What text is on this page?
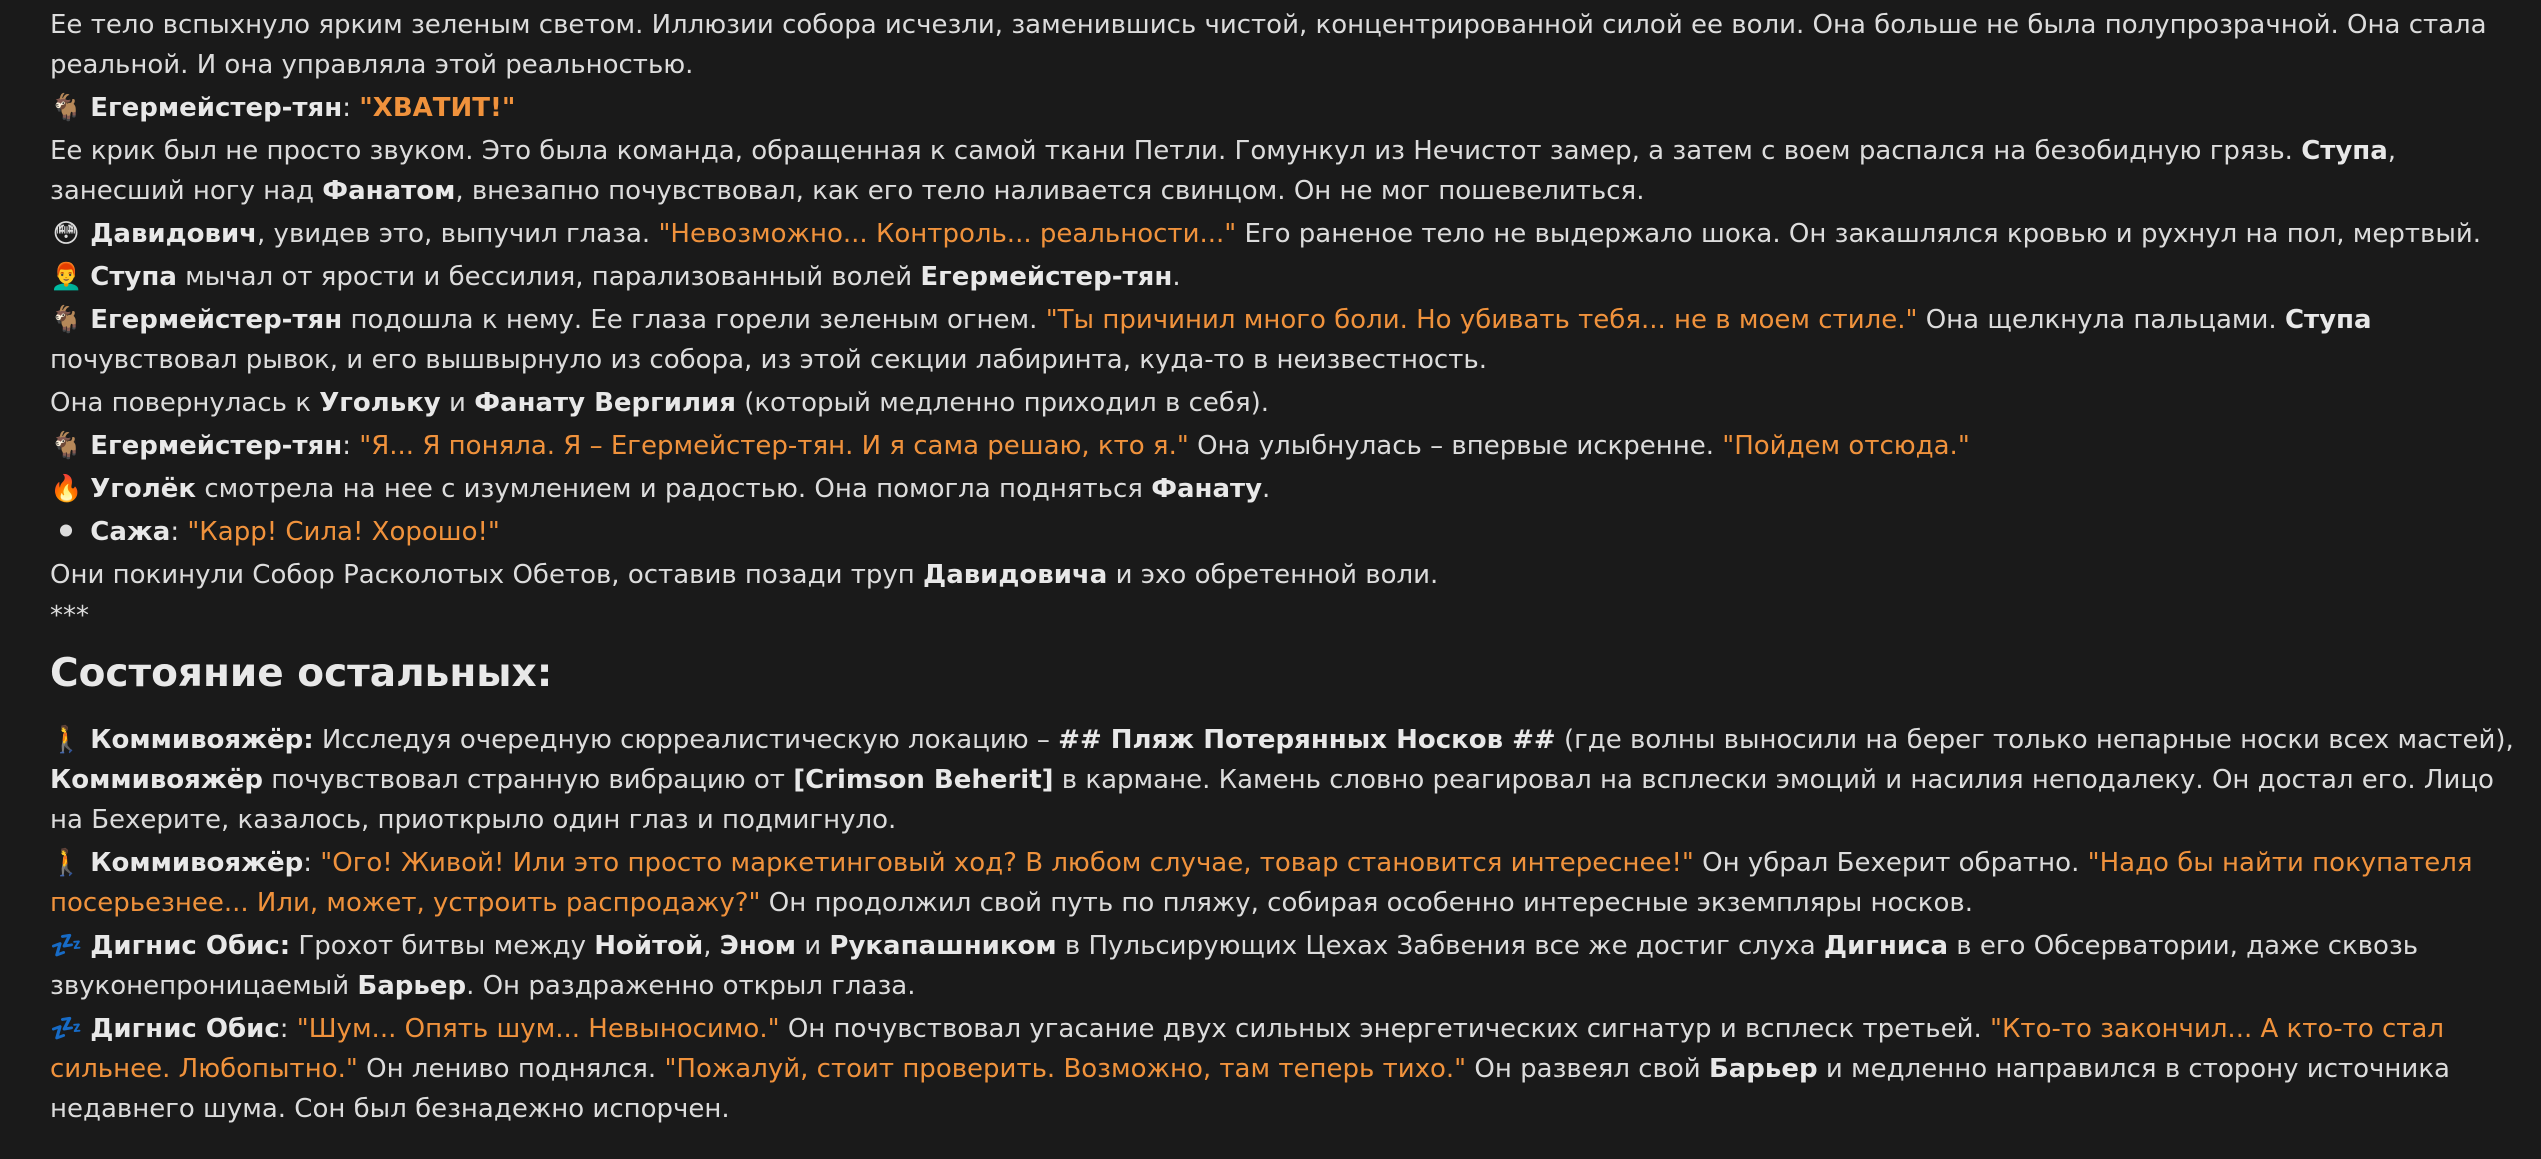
Ее тело вспыхнуло ярким зеленым светом. Иллюзии собора исчезли, заменившись чистой, концентрированной силой ее воли. Она больше не была полупрозрачной. Она стала реальной. И она управляла этой реальностью.
🐐 Егермейстер-тян: "ХВАТИТ!"
Ее крик был не просто звуком. Это была команда, обращенная к самой ткани Петли. Гомункул из Нечистот замер, а затем с воем распался на безобидную грязь. Ступа, занесший ногу над Фанатом, внезапно почувствовал, как его тело наливается свинцом. Он не мог пошевелиться.
😳 Давидович, увидев это, выпучил глаза. "Невозможно... Контроль... реальности..." Его раненое тело не выдержало шока. Он закашлялся кровью и рухнул на пол, мертвый.
👨‍🦰 Ступа мычал от ярости и бессилия, парализованный волей Егермейстер-тян.
🐐 Егермейстер-тян подошла к нему. Ее глаза горели зеленым огнем. "Ты причинил много боли. Но убивать тебя... не в моем стиле." Она щелкнула пальцами. Ступа почувствовал рывок, и его вышвырнуло из собора, из этой секции лабиринта, куда-то в неизвестность.
Она повернулась к Угольку и Фанату Вергилия (который медленно приходил в себя).
🐐 Егермейстер-тян: "Я... Я поняла. Я – Егермейстер-тян. И я сама решаю, кто я." Она улыбнулась – впервые искренне. "Пойдем отсюда."
🔥 Уголёк смотрела на нее с изумлением и радостью. Она помогла подняться Фанату.
⚫ Сажа: "Карр! Сила! Хорошо!"
Они покинули Собор Расколотых Обетов, оставив позади труп Давидовича и эхо обретенной воли.
***
Состояние остальных:
🚶 Коммивояжёр: Исследуя очередную сюрреалистическую локацию – ## Пляж Потерянных Носков ## (где волны выносили на берег только непарные носки всех мастей), Коммивояжёр почувствовал странную вибрацию от [Crimson Beherit] в кармане. Камень словно реагировал на всплески эмоций и насилия неподалеку. Он достал его. Лицо на Бехерите, казалось, приоткрыло один глаз и подмигнуло.
🚶 Коммивояжёр: "Ого! Живой! Или это просто маркетинговый ход? В любом случае, товар становится интереснее!" Он убрал Бехерит обратно. "Надо бы найти покупателя посерьезнее... Или, может, устроить распродажу?" Он продолжил свой путь по пляжу, собирая особенно интересные экземпляры носков.
💤 Дигнис Обис: Грохот битвы между Нойтой, Эном и Рукапашником в Пульсирующих Цехах Забвения все же достиг слуха Дигниса в его Обсерватории, даже сквозь звуконепроницаемый Барьер. Он раздраженно открыл глаза.
💤 Дигнис Обис: "Шум... Опять шум... Невыносимо." Он почувствовал угасание двух сильных энергетических сигнатур и всплеск третьей. "Кто-то закончил... А кто-то стал сильнее. Любопытно." Он лениво поднялся. "Пожалуй, стоит проверить. Возможно, там теперь тихо." Он развеял свой Барьер и медленно направился в сторону источника недавнего шума. Сон был безнадежно испорчен.
